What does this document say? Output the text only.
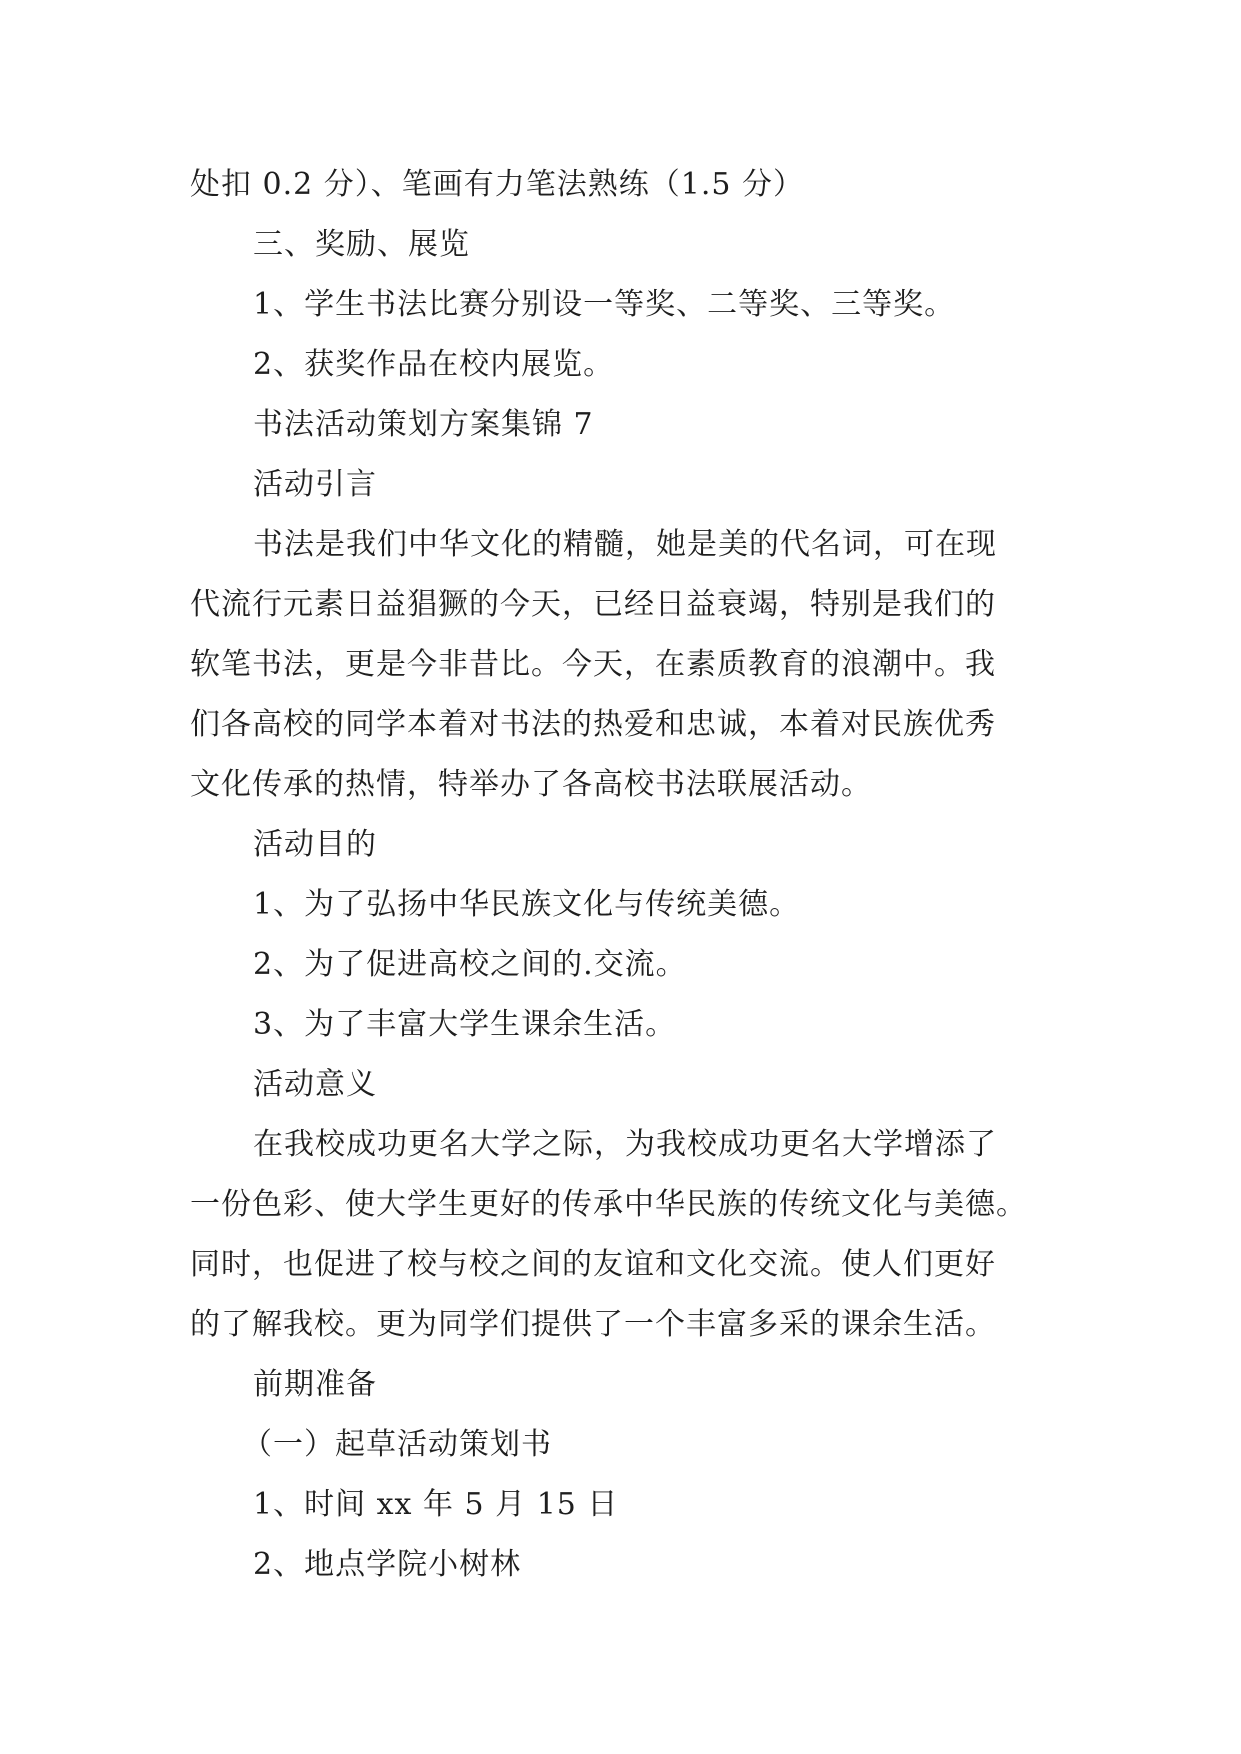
处扣 0.2 分）、笔画有力笔法熟练（1.5 分）
三、奖励、展览
1、学生书法比赛分别设一等奖、二等奖、三等奖。
2、获奖作品在校内展览。
书法活动策划方案集锦 7
活动引言
书法是我们中华文化的精髓，她是美的代名词，可在现
代流行元素日益猖獗的今天，已经日益衰竭，特别是我们的
软笔书法，更是今非昔比。今天，在素质教育的浪潮中。我
们各高校的同学本着对书法的热爱和忠诚，本着对民族优秀
文化传承的热情，特举办了各高校书法联展活动。
活动目的
1、为了弘扬中华民族文化与传统美德。
2、为了促进高校之间的.交流。
3、为了丰富大学生课余生活。
活动意义
在我校成功更名大学之际，为我校成功更名大学增添了
一份色彩、使大学生更好的传承中华民族的传统文化与美德。
同时，也促进了校与校之间的友谊和文化交流。使人们更好
的了解我校。更为同学们提供了一个丰富多采的课余生活。
前期准备
（一）起草活动策划书
1、时间 xx 年 5 月 15 日
2、地点学院小树林
